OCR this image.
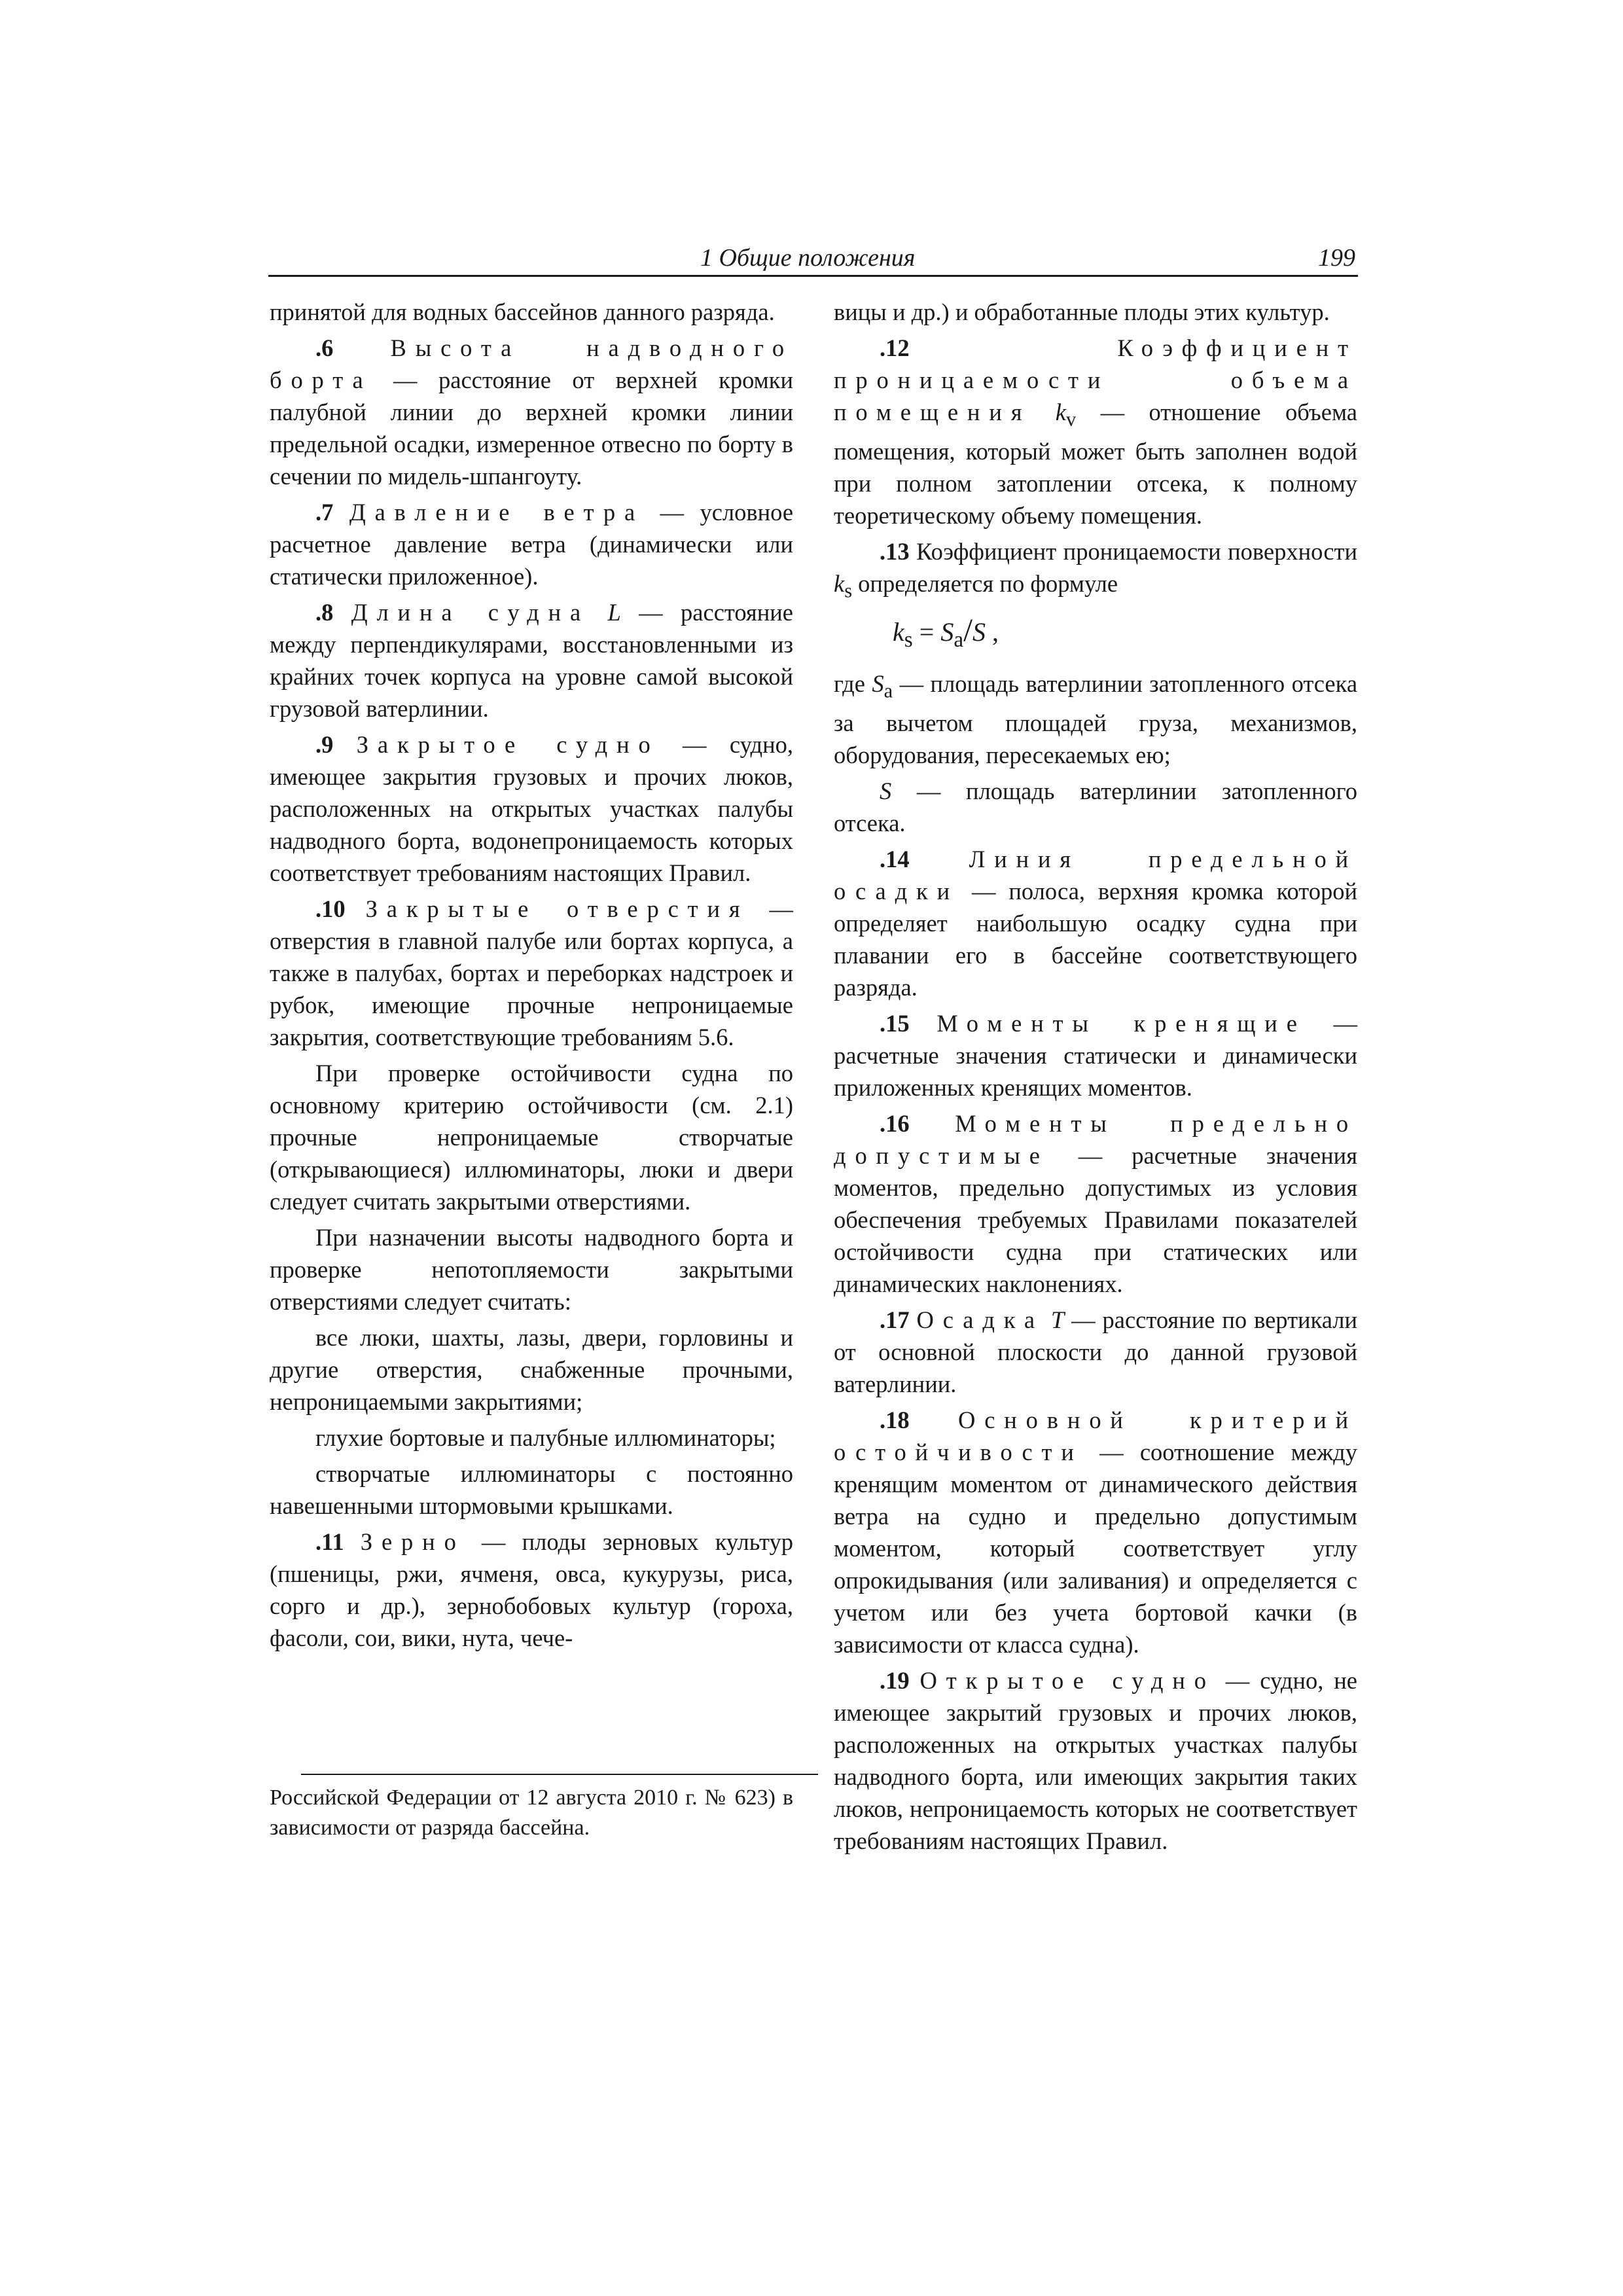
1 Общие положения	199

принятой для водных бассейнов данного разряда.

.6 Высота надводного борта — расстояние от верхней кромки палубной линии до верхней кромки линии предельной осадки, измеренное отвесно по борту в сечении по мидель-шпангоуту.

.7 Давление ветра — условное расчетное давление ветра (динамически или статически приложенное).

.8 Длина судна L — расстояние между перпендикулярами, восстановленными из крайних точек корпуса на уровне самой высокой грузовой ватерлинии.

.9 Закрытое судно — судно, имеющее закрытия грузовых и прочих люков, расположенных на открытых участках палубы надводного борта, водонепроницаемость которых соответствует требованиям настоящих Правил.

.10 Закрытые отверстия — отверстия в главной палубе или бортах корпуса, а также в палубах, бортах и переборках надстроек и рубок, имеющие прочные непроницаемые закрытия, соответствующие требованиям 5.6.

При проверке остойчивости судна по основному критерию остойчивости (см. 2.1) прочные непроницаемые створчатые (открывающиеся) иллюминаторы, люки и двери следует считать закрытыми отверстиями.

При назначении высоты надводного борта и проверке непотопляемости закрытыми отверстиями следует считать:

все люки, шахты, лазы, двери, горловины и другие отверстия, снабженные прочными, непроницаемыми закрытиями;

глухие бортовые и палубные иллюминаторы;

створчатые иллюминаторы с постоянно навешенными штормовыми крышками.

.11 Зерно — плоды зерновых культур (пшеницы, ржи, ячменя, овса, кукурузы, риса, сорго и др.), зернобобовых культур (гороха, фасоли, сои, вики, нута, чече-

Российской Федерации от 12 августа 2010 г. № 623) в зависимости от разряда бассейна.

вицы и др.) и обработанные плоды этих культур.

.12	Коэффициент проницаемости объема помещения $k_v$ — отношение объема помещения, который может быть заполнен водой при полном затоплении отсека, к полному теоретическому объему помещения.

.13 Коэффициент проницаемости поверхности $k_s$ определяется по формуле

$k_s = S_a/S$ ,

где $S_a$ — площадь ватерлинии затопленного отсека за вычетом площадей груза, механизмов, оборудования, пересекаемых ею;

S — площадь ватерлинии затопленного отсека.

.14 Линия предельной осадки — полоса, верхняя кромка которой определяет наибольшую осадку судна при плавании его в бассейне соответствующего разряда.

.15 Моменты кренящие — расчетные значения статически и динамически приложенных кренящих моментов.

.16 Моменты предельно допустимые — расчетные значения моментов, предельно допустимых из условия обеспечения требуемых Правилами показателей остойчивости судна при статических или динамических наклонениях.

.17 Осадка T — расстояние по вертикали от основной плоскости до данной грузовой ватерлинии.

.18 Основной критерий остойчивости — соотношение между кренящим моментом от динамического действия ветра на судно и предельно допустимым моментом, который соответствует углу опрокидывания (или заливания) и определяется с учетом или без учета бортовой качки (в зависимости от класса судна).

.19 Открытое судно — судно, не имеющее закрытий грузовых и прочих люков, расположенных на открытых участках палубы надводного борта, или имеющих закрытия таких люков, непроницаемость которых не соответствует требованиям настоящих Правил.
